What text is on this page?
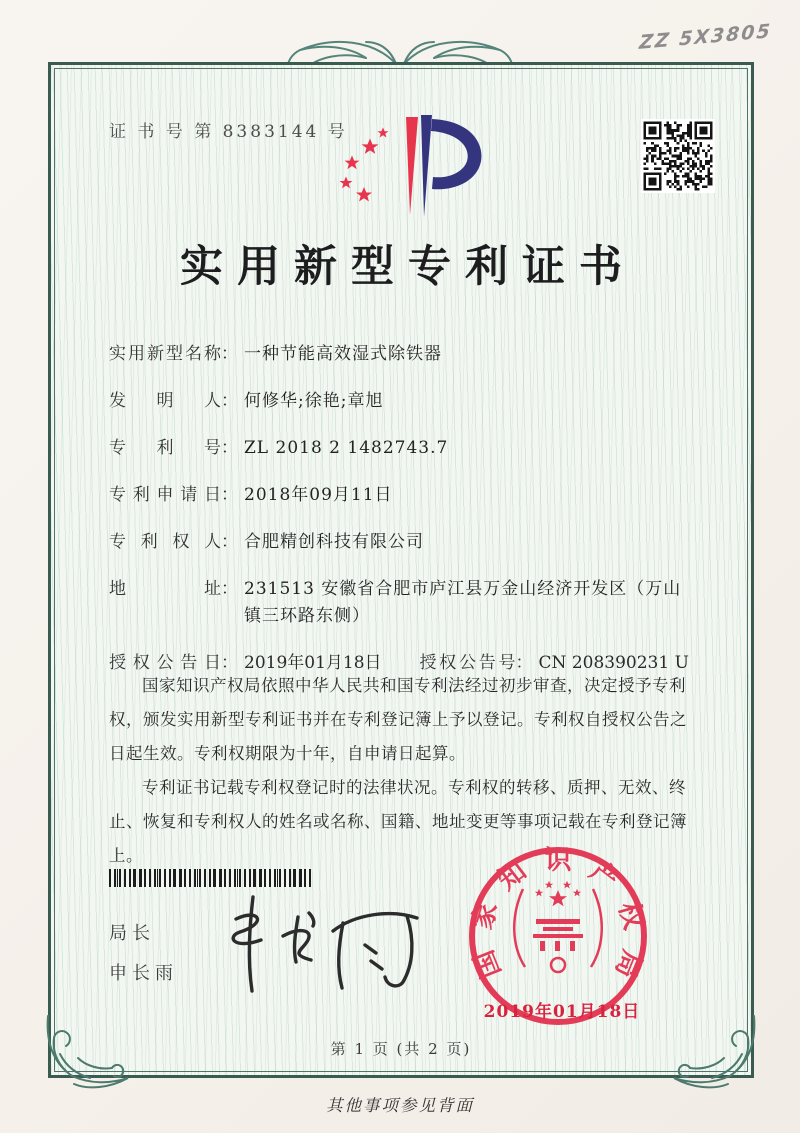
ZZ 5X3805
证 书 号 第 8383144 号
实用新型专利证书
实用新型名称 ： 一种节能高效湿式除铁器
发明人 ： 何修华;徐艳;章旭
专利号 ： ZL 2018 2 1482743.7
专利申请日 ： 2018年09月11日
专利权人 ： 合肥精创科技有限公司
地址 ： 231513 安徽省合肥市庐江县万金山经济开发区（万山镇三环路东侧）
授权公告日 ： 2019年01月18日 授权公告号 ： CN 208390231 U

国家知识产权局依照中华人民共和国专利法经过初步审查，决定授予专利权，颁发实用新型专利证书并在专利登记簿上予以登记。专利权自授权公告之日起生效。专利权期限为十年，自申请日起算。

专利证书记载专利权登记时的法律状况。专利权的转移、质押、无效、终止、恢复和专利权人的姓名或名称、国籍、地址变更等事项记载在专利登记簿上。

局长
申长雨	国家知识产权局
2019年01月18日
第 1 页 (共 2 页)
其他事项参见背面
